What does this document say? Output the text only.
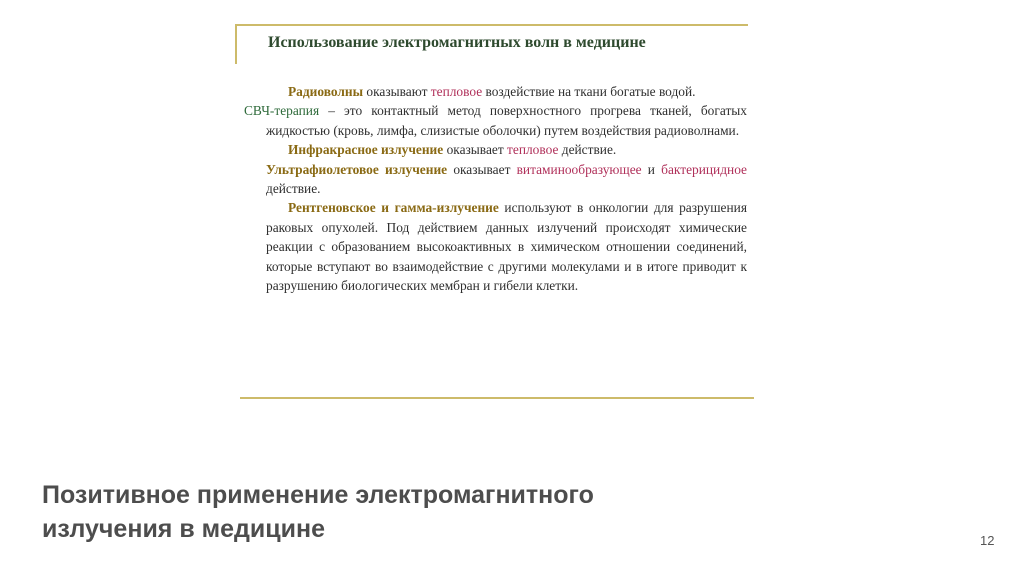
Использование электромагнитных волн в медицине

Радиоволны оказывают тепловое воздействие на ткани богатые водой.

СВЧ-терапия – это контактный метод поверхностного прогрева тканей, богатых жидкостью (кровь, лимфа, слизистые оболочки) путем воздействия радиоволнами.

Инфракрасное излучение оказывает тепловое действие.

Ультрафиолетовое излучение оказывает витаминообразующее и бактерицидное действие.

Рентгеновское и гамма-излучение используют в онкологии для разрушения раковых опухолей. Под действием данных излучений происходят химические реакции с образованием высокоактивных в химическом отношении соединений, которые вступают во взаимодействие с другими молекулами и в итоге приводит к разрушению биологических мембран и гибели клетки.

Позитивное применение электромагнитного
излучения в медицине	12
